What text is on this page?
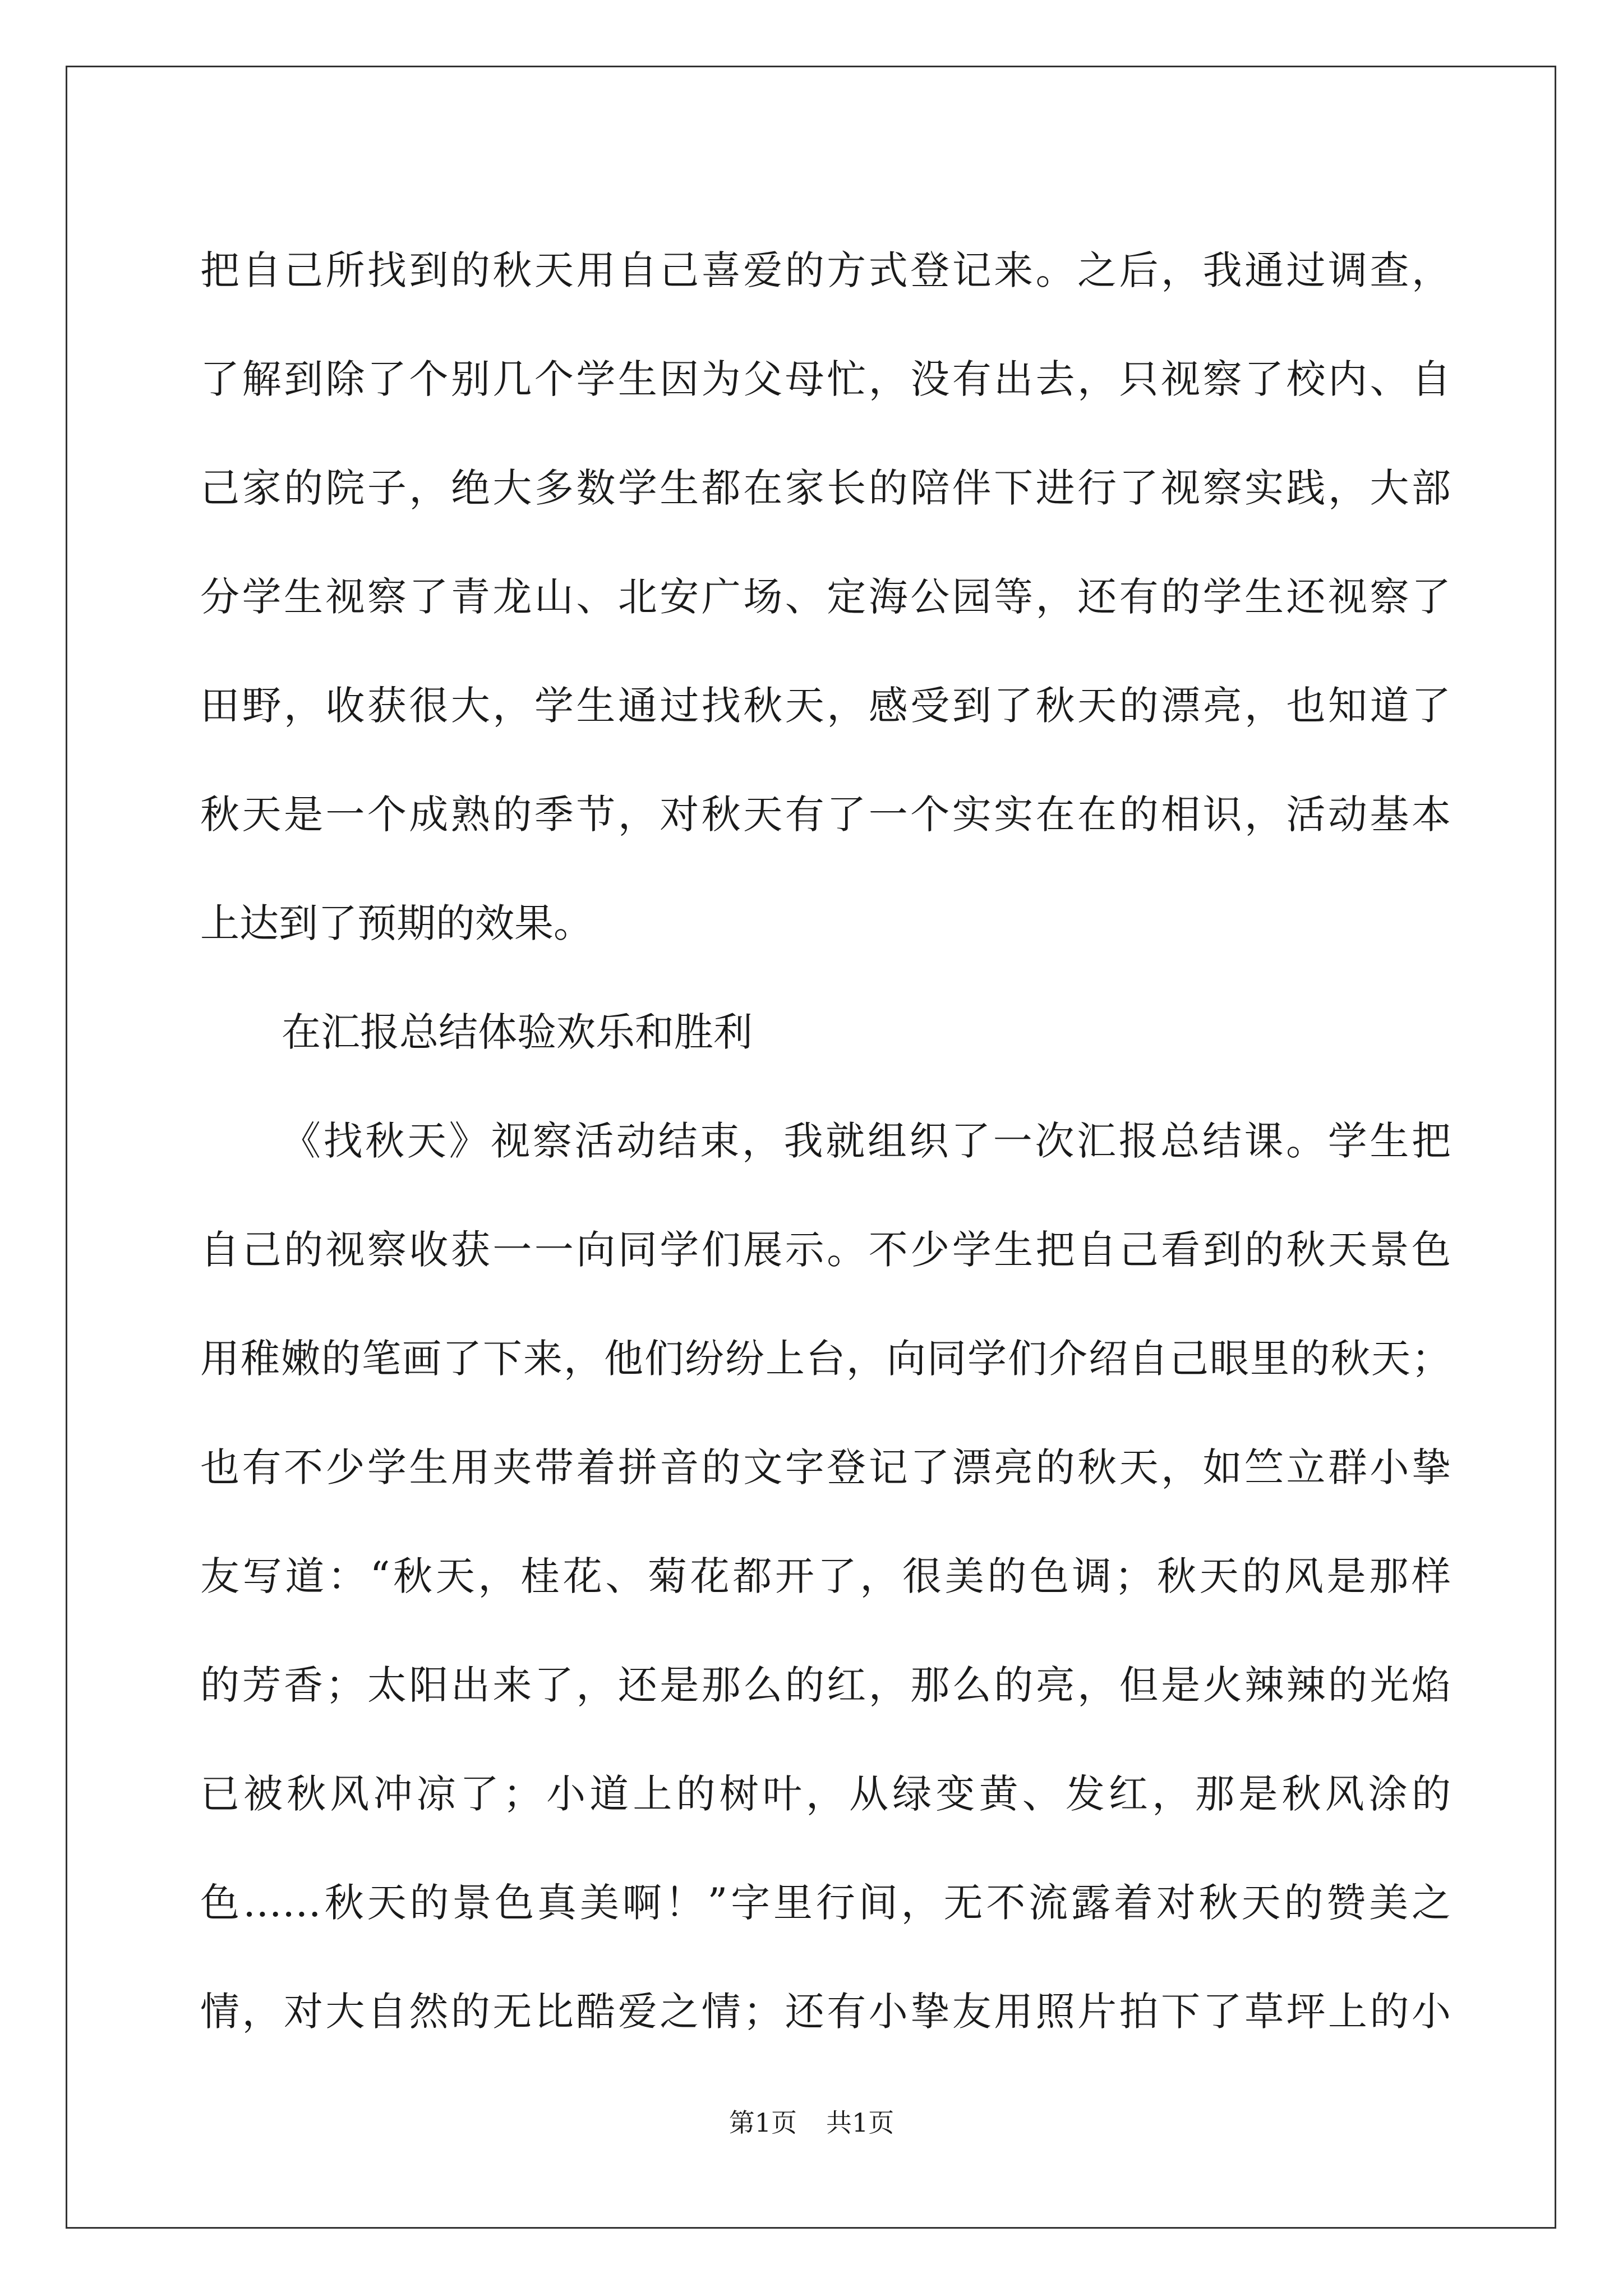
把自己所找到的秋天用自己喜爱的方式登记来。之后，我通过调查，
了解到除了个别几个学生因为父母忙，没有出去，只视察了校内、自
己家的院子，绝大多数学生都在家长的陪伴下进行了视察实践，大部
分学生视察了青龙山、北安广场、定海公园等，还有的学生还视察了
田野，收获很大，学生通过找秋天，感受到了秋天的漂亮，也知道了
秋天是一个成熟的季节，对秋天有了一个实实在在的相识，活动基本
上达到了预期的效果。
在汇报总结体验欢乐和胜利
《找秋天》视察活动结束，我就组织了一次汇报总结课。学生把
自己的视察收获一一向同学们展示。不少学生把自己看到的秋天景色
用稚嫩的笔画了下来，他们纷纷上台，向同学们介绍自己眼里的秋天；
也有不少学生用夹带着拼音的文字登记了漂亮的秋天，如竺立群小挚
友写道：“秋天，桂花、菊花都开了，很美的色调；秋天的风是那样
的芳香；太阳出来了，还是那么的红，那么的亮，但是火辣辣的光焰
已被秋风冲凉了；小道上的树叶，从绿变黄、发红，那是秋风涂的
色……秋天的景色真美啊！”字里行间，无不流露着对秋天的赞美之
情，对大自然的无比酷爱之情；还有小挚友用照片拍下了草坪上的小
第1页 共1页
